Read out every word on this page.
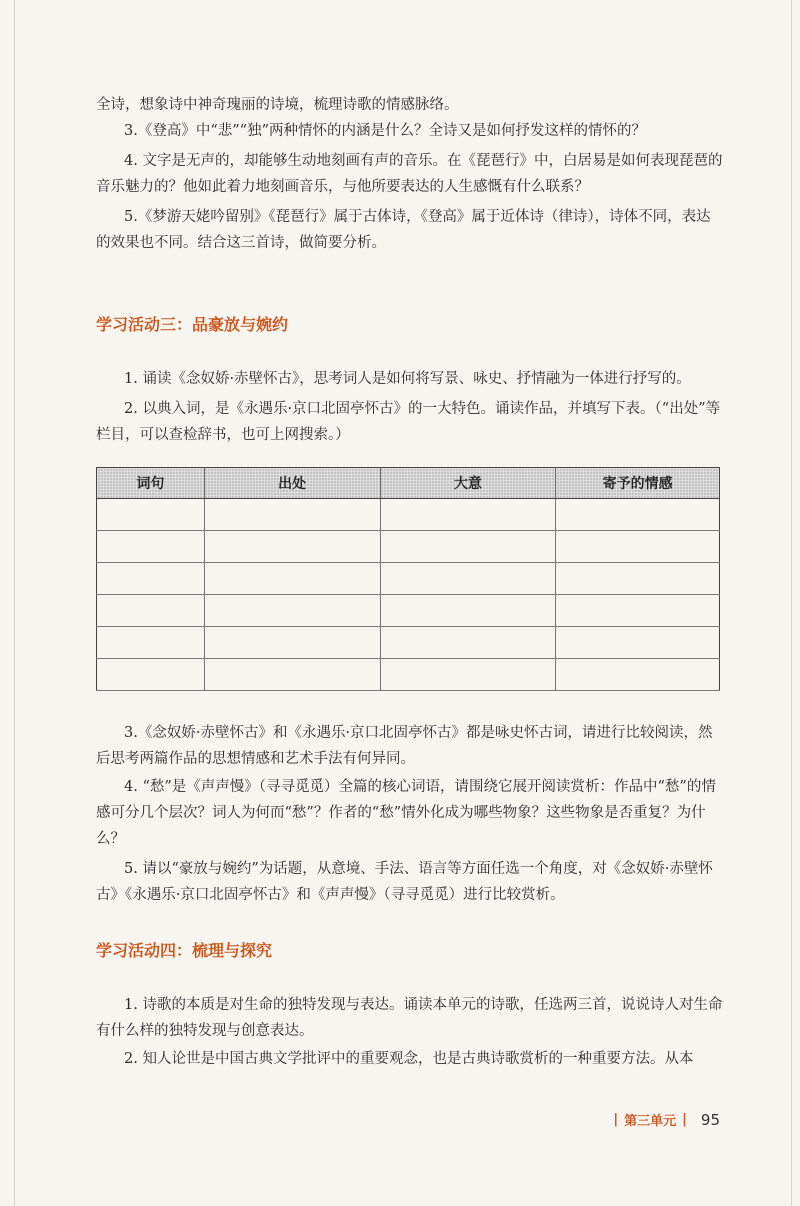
全诗，想象诗中神奇瑰丽的诗境，梳理诗歌的情感脉络。

3.《登高》中“悲”“独”两种情怀的内涵是什么？全诗又是如何抒发这样的情怀的？

4. 文字是无声的，却能够生动地刻画有声的音乐。在《琵琶行》中，白居易是如何表现琵琶的音乐魅力的？他如此着力地刻画音乐，与他所要表达的人生感慨有什么联系？

5.《梦游天姥吟留别》《琵琶行》属于古体诗，《登高》属于近体诗（律诗），诗体不同，表达的效果也不同。结合这三首诗，做简要分析。

学习活动三：品豪放与婉约

1. 诵读《念奴娇·赤壁怀古》，思考词人是如何将写景、咏史、抒情融为一体进行抒写的。

2. 以典入词，是《永遇乐·京口北固亭怀古》的一大特色。诵读作品，并填写下表。（“出处”等栏目，可以查检辞书，也可上网搜索。）

词句	出处	大意	寄予的情感

3.《念奴娇·赤壁怀古》和《永遇乐·京口北固亭怀古》都是咏史怀古词，请进行比较阅读，然后思考两篇作品的思想情感和艺术手法有何异同。

4. “愁”是《声声慢》（寻寻觅觅）全篇的核心词语，请围绕它展开阅读赏析：作品中“愁”的情感可分几个层次？词人为何而“愁”？作者的“愁”情外化成为哪些物象？这些物象是否重复？为什么？

5. 请以“豪放与婉约”为话题，从意境、手法、语言等方面任选一个角度，对《念奴娇·赤壁怀古》《永遇乐·京口北固亭怀古》和《声声慢》（寻寻觅觅）进行比较赏析。

学习活动四：梳理与探究

1. 诗歌的本质是对生命的独特发现与表达。诵读本单元的诗歌，任选两三首，说说诗人对生命有什么样的独特发现与创意表达。

2. 知人论世是中国古典文学批评中的重要观念，也是古典诗歌赏析的一种重要方法。从本

| 第三单元 | 95
